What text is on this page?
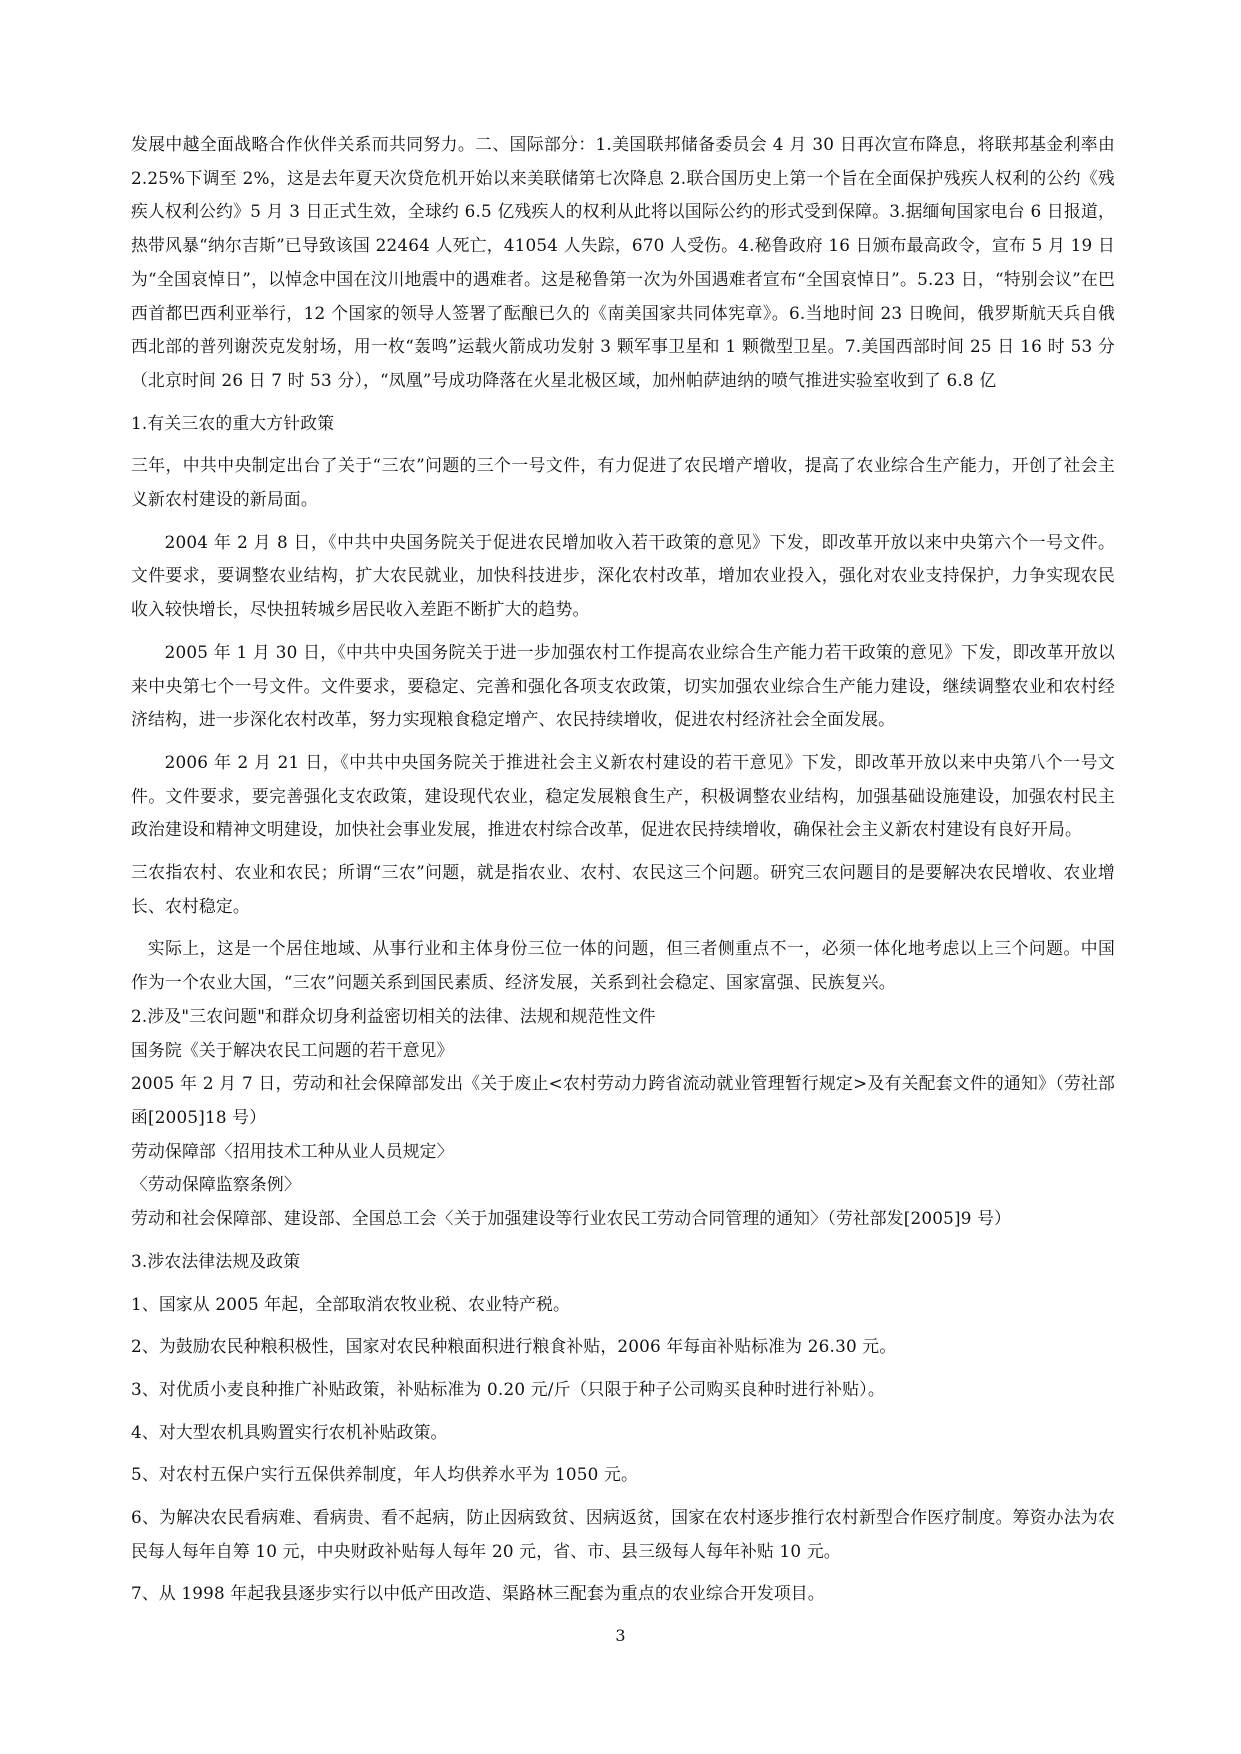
发展中越全面战略合作伙伴关系而共同努力。二、国际部分：1.美国联邦储备委员会 4 月 30 日再次宣布降息，将联邦基金利率由 2.25%下调至 2%，这是去年夏天次贷危机开始以来美联储第七次降息 2.联合国历史上第一个旨在全面保护残疾人权利的公约《残疾人权利公约》5 月 3 日正式生效，全球约 6.5 亿残疾人的权利从此将以国际公约的形式受到保障。3.据缅甸国家电台 6 日报道，热带风暴“纳尔吉斯”已导致该国 22464 人死亡，41054 人失踪，670 人受伤。4.秘鲁政府 16 日颁布最高政令，宣布 5 月 19 日为“全国哀悼日”，以悼念中国在汶川地震中的遇难者。这是秘鲁第一次为外国遇难者宣布“全国哀悼日”。5.23 日，“特别会议”在巴西首都巴西利亚举行，12 个国家的领导人签署了酝酿已久的《南美国家共同体宪章》。6.当地时间 23 日晚间，俄罗斯航天兵自俄西北部的普列谢茨克发射场，用一枚“轰鸣”运载火箭成功发射 3 颗军事卫星和 1 颗微型卫星。7.美国西部时间 25 日 16 时 53 分（北京时间 26 日 7 时 53 分），“凤凰”号成功降落在火星北极区域，加州帕萨迪纳的喷气推进实验室收到了 6.8 亿

1.有关三农的重大方针政策

三年，中共中央制定出台了关于“三农”问题的三个一号文件，有力促进了农民增产增收，提高了农业综合生产能力，开创了社会主义新农村建设的新局面。

2004 年 2 月 8 日，《中共中央国务院关于促进农民增加收入若干政策的意见》下发，即改革开放以来中央第六个一号文件。文件要求，要调整农业结构，扩大农民就业，加快科技进步，深化农村改革，增加农业投入，强化对农业支持保护，力争实现农民收入较快增长，尽快扭转城乡居民收入差距不断扩大的趋势。

2005 年 1 月 30 日，《中共中央国务院关于进一步加强农村工作提高农业综合生产能力若干政策的意见》下发，即改革开放以来中央第七个一号文件。文件要求，要稳定、完善和强化各项支农政策，切实加强农业综合生产能力建设，继续调整农业和农村经济结构，进一步深化农村改革，努力实现粮食稳定增产、农民持续增收，促进农村经济社会全面发展。

2006 年 2 月 21 日，《中共中央国务院关于推进社会主义新农村建设的若干意见》下发，即改革开放以来中央第八个一号文件。文件要求，要完善强化支农政策，建设现代农业，稳定发展粮食生产，积极调整农业结构，加强基础设施建设，加强农村民主政治建设和精神文明建设，加快社会事业发展，推进农村综合改革，促进农民持续增收，确保社会主义新农村建设有良好开局。

三农指农村、农业和农民；所谓“三农”问题，就是指农业、农村、农民这三个问题。研究三农问题目的是要解决农民增收、农业增长、农村稳定。

实际上，这是一个居住地域、从事行业和主体身份三位一体的问题，但三者侧重点不一，必须一体化地考虑以上三个问题。中国作为一个农业大国，“三农”问题关系到国民素质、经济发展，关系到社会稳定、国家富强、民族复兴。

2.涉及"三农问题"和群众切身利益密切相关的法律、法规和规范性文件

国务院《关于解决农民工问题的若干意见》

2005 年 2 月 7 日，劳动和社会保障部发出《关于废止<农村劳动力跨省流动就业管理暂行规定>及有关配套文件的通知》（劳社部函[2005]18 号）

劳动保障部〈招用技术工种从业人员规定〉

〈劳动保障监察条例〉

劳动和社会保障部、建设部、全国总工会〈关于加强建设等行业农民工劳动合同管理的通知〉（劳社部发[2005]9 号）

3.涉农法律法规及政策

1、国家从 2005 年起，全部取消农牧业税、农业特产税。

2、为鼓励农民种粮积极性，国家对农民种粮面积进行粮食补贴，2006 年每亩补贴标准为 26.30 元。

3、对优质小麦良种推广补贴政策，补贴标准为 0.20 元/斤（只限于种子公司购买良种时进行补贴）。

4、对大型农机具购置实行农机补贴政策。

5、对农村五保户实行五保供养制度，年人均供养水平为 1050 元。

6、为解决农民看病难、看病贵、看不起病，防止因病致贫、因病返贫，国家在农村逐步推行农村新型合作医疗制度。筹资办法为农民每人每年自筹 10 元，中央财政补贴每人每年 20 元，省、市、县三级每人每年补贴 10 元。

7、从 1998 年起我县逐步实行以中低产田改造、渠路林三配套为重点的农业综合开发项目。

3
